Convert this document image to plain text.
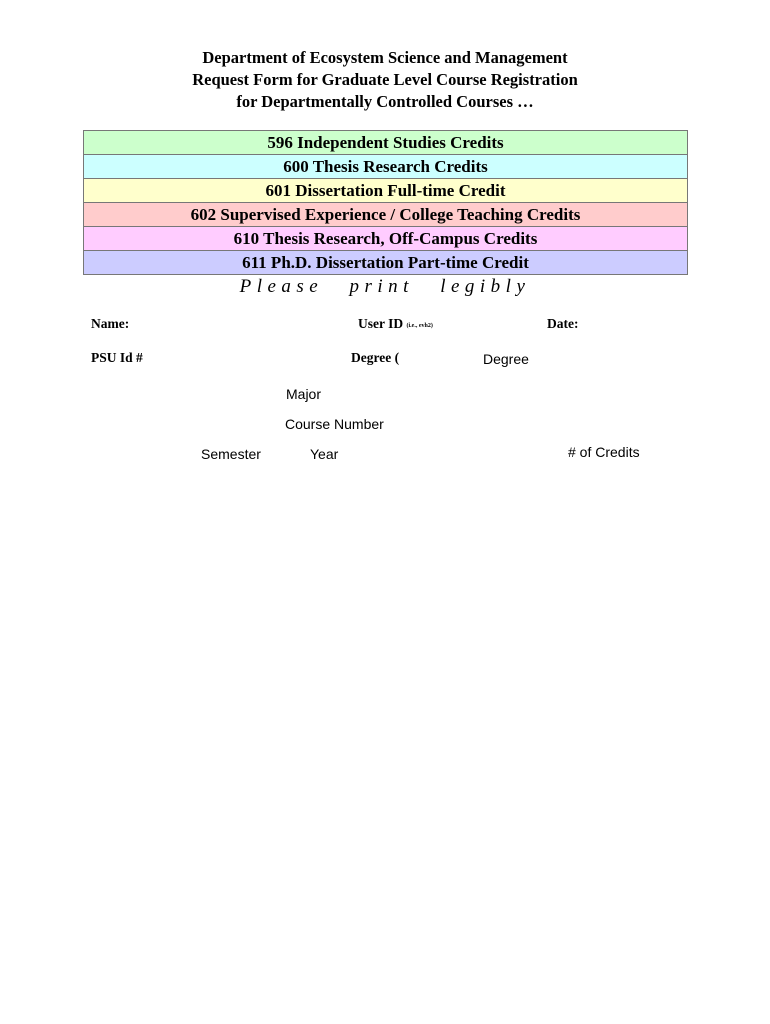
Department of Ecosystem Science and Management
Request Form for Graduate Level Course Registration
for Departmentally Controlled Courses …
596 Independent Studies Credits
600 Thesis Research Credits
601 Dissertation Full-time Credit
602 Supervised Experience / College Teaching Credits
610 Thesis Research, Off-Campus Credits
611 Ph.D. Dissertation Part-time Credit
Please print legibly
Name:	User ID (i.e., evh2)	Date:
PSU Id #	Degree (	Degree
Major
Course Number
Semester	Year	# of Credits
